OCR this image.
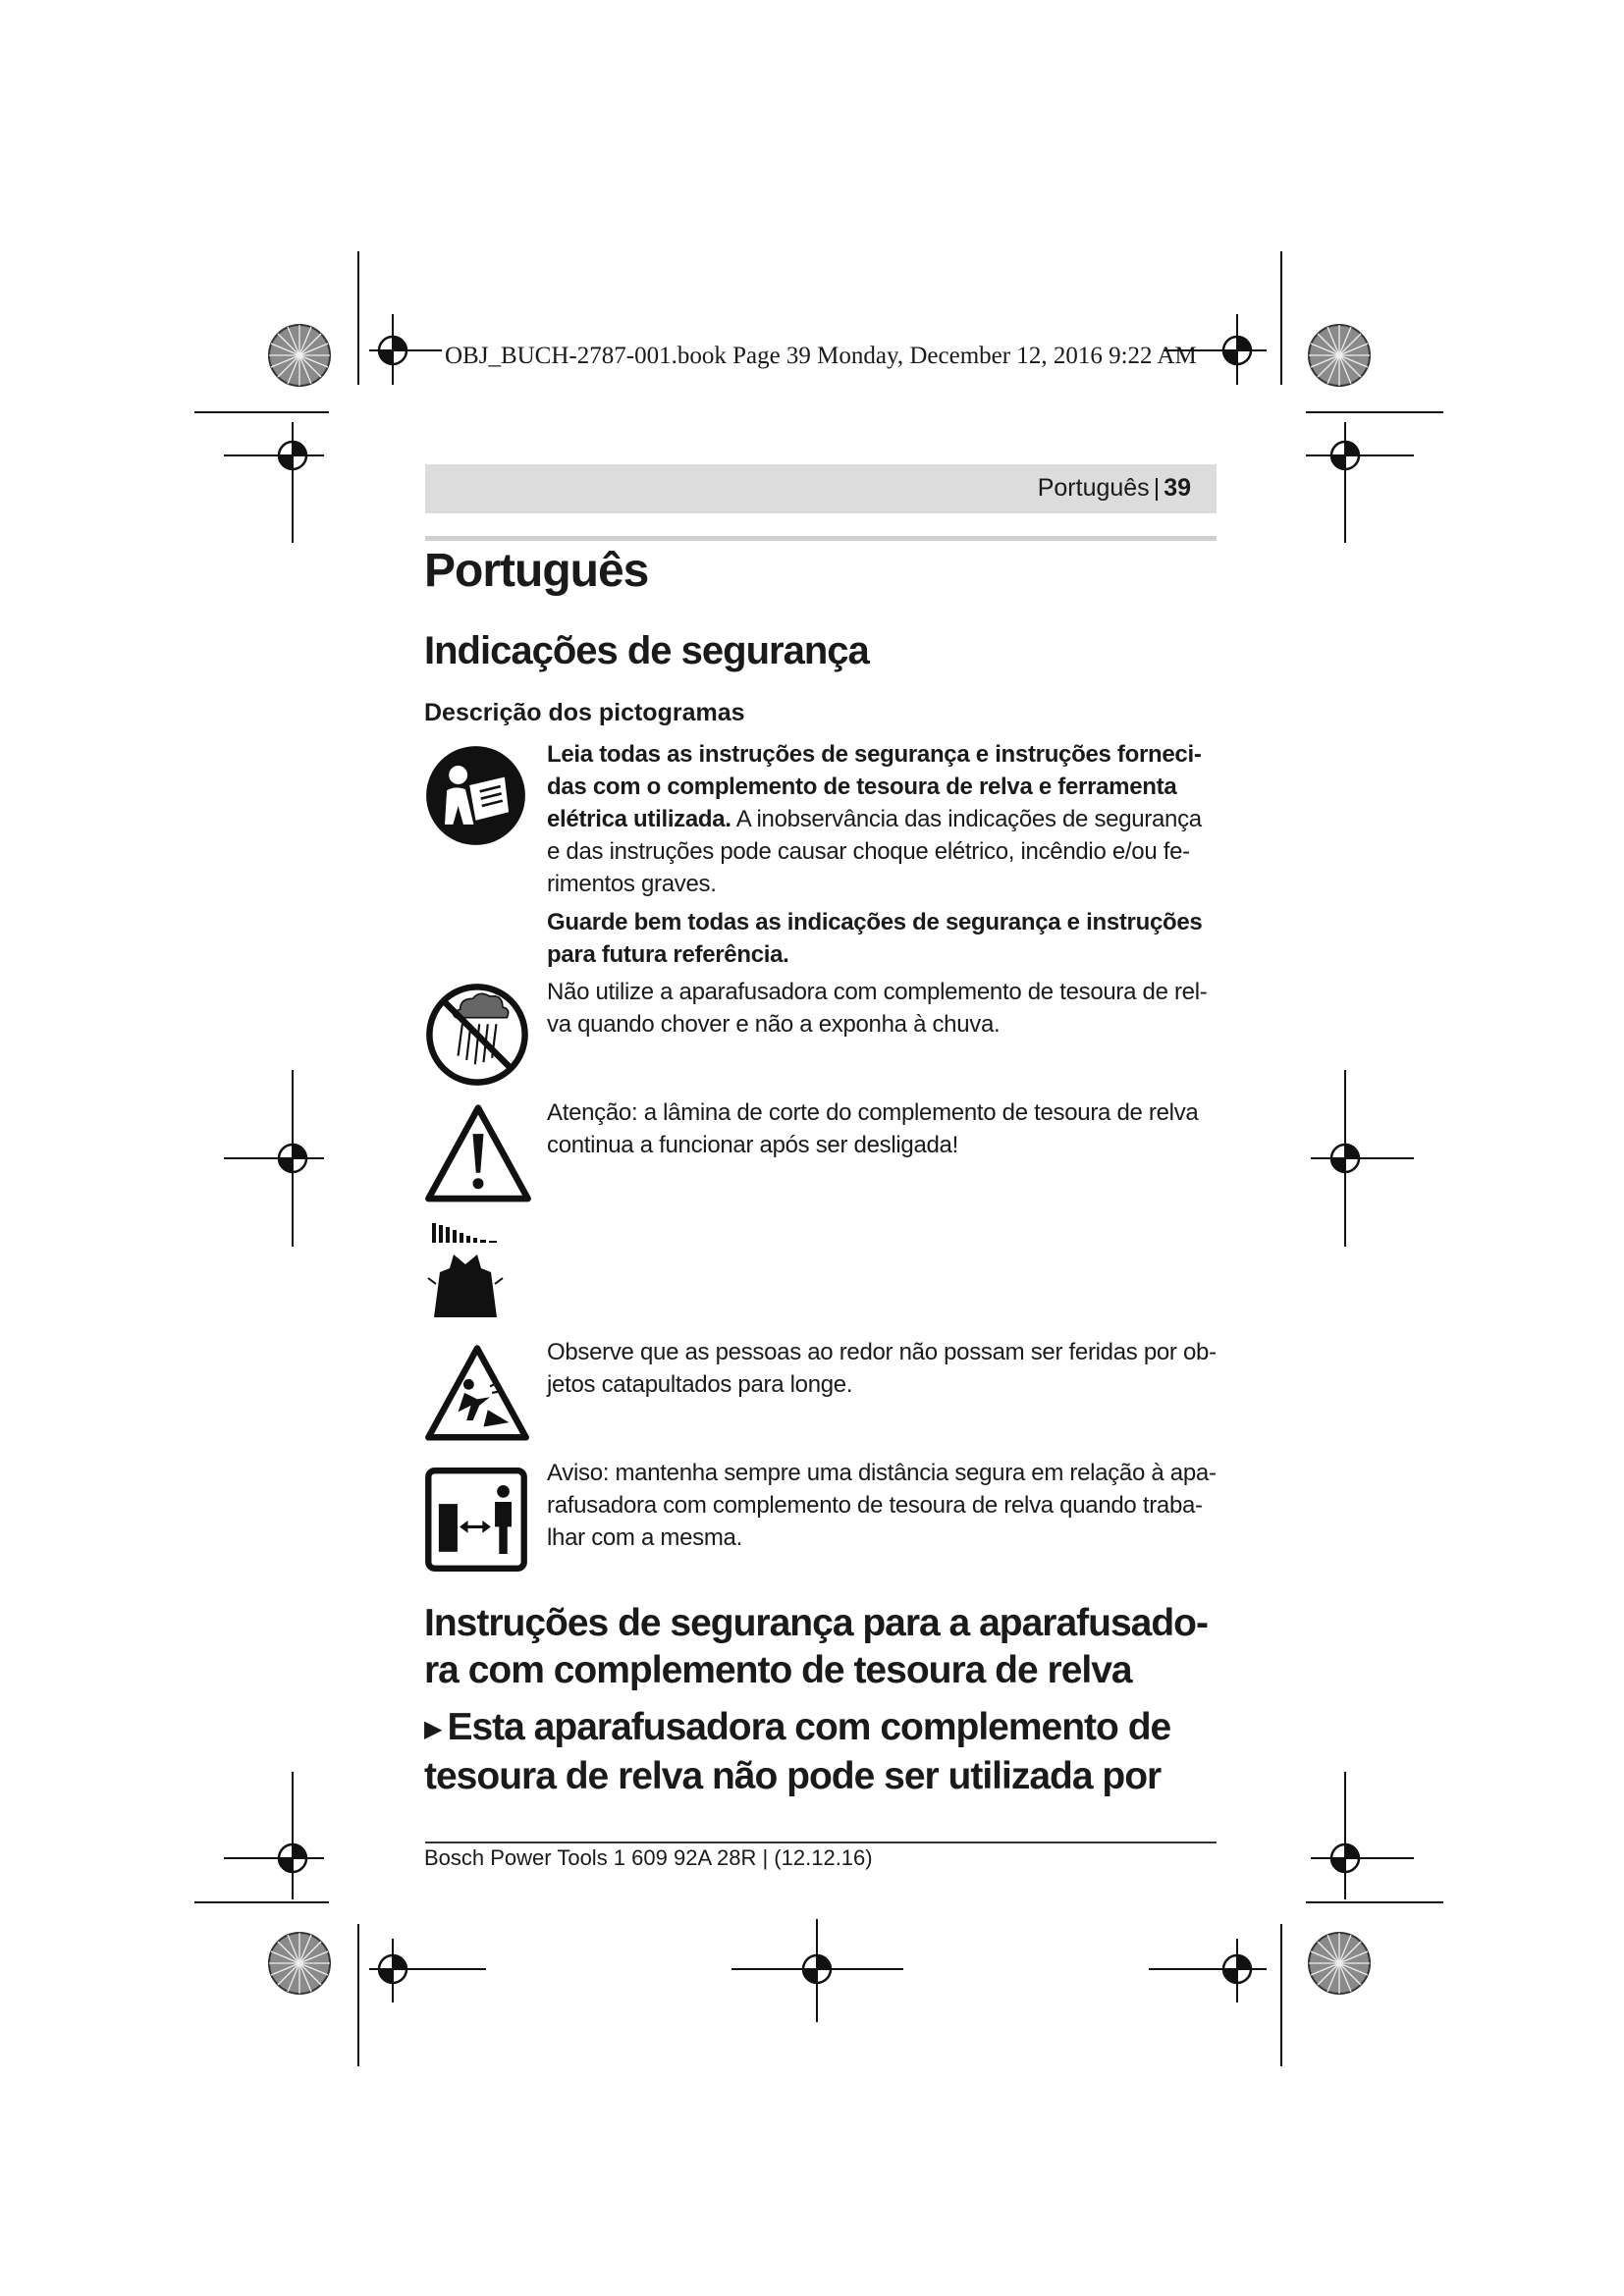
OBJ_BUCH-2787-001.book Page 39 Monday, December 12, 2016 9:22 AM
Português | 39
Português
Indicações de segurança
Descrição dos pictogramas
Leia todas as instruções de segurança e instruções forneci-das com o complemento de tesoura de relva e ferramenta elétrica utilizada. A inobservância das indicações de segurança e das instruções pode causar choque elétrico, incêndio e/ou fe-rimentos graves.
Guarde bem todas as indicações de segurança e instruções para futura referência.
Não utilize a aparafusadora com complemento de tesoura de rel-va quando chover e não a exponha à chuva.
Atenção: a lâmina de corte do complemento de tesoura de relva continua a funcionar após ser desligada!
Observe que as pessoas ao redor não possam ser feridas por ob-jetos catapultados para longe.
Aviso: mantenha sempre uma distância segura em relação à apa-rafusadora com complemento de tesoura de relva quando traba-lhar com a mesma.
Instruções de segurança para a aparafusado-ra com complemento de tesoura de relva
▶ Esta aparafusadora com complemento de tesoura de relva não pode ser utilizada por
Bosch Power Tools 1 609 92A 28R | (12.12.16)
